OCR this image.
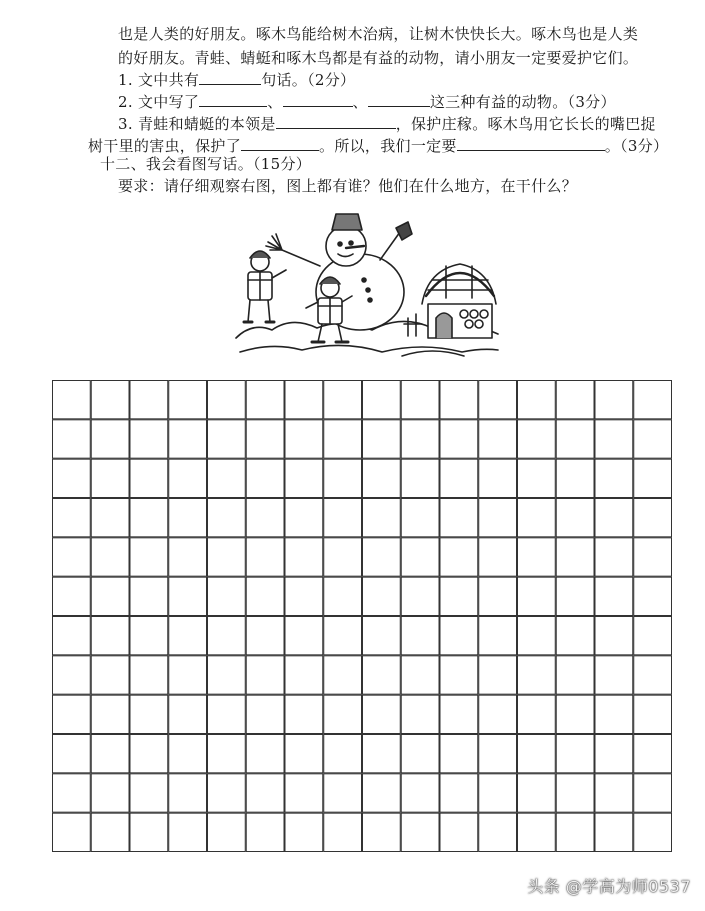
也是人类的好朋友。啄木鸟能给树木治病，让树木快快长大。啄木鸟也是人类
的好朋友。青蛙、蜻蜓和啄木鸟都是有益的动物，请小朋友一定要爱护它们。
1. 文中共有	句话。（2分）
2. 文中写了	、	、	这三种有益的动物。（3分）
3. 青蛙和蜻蜓的本领是	，保护庄稼。啄木鸟用它长长的嘴巴捉
树干里的害虫，保护了	。所以，我们一定要	。（3分）
十二、我会看图写话。（15分）
要求：请仔细观察右图，图上都有谁？他们在什么地方，在干什么？
头条 @学高为师0537
